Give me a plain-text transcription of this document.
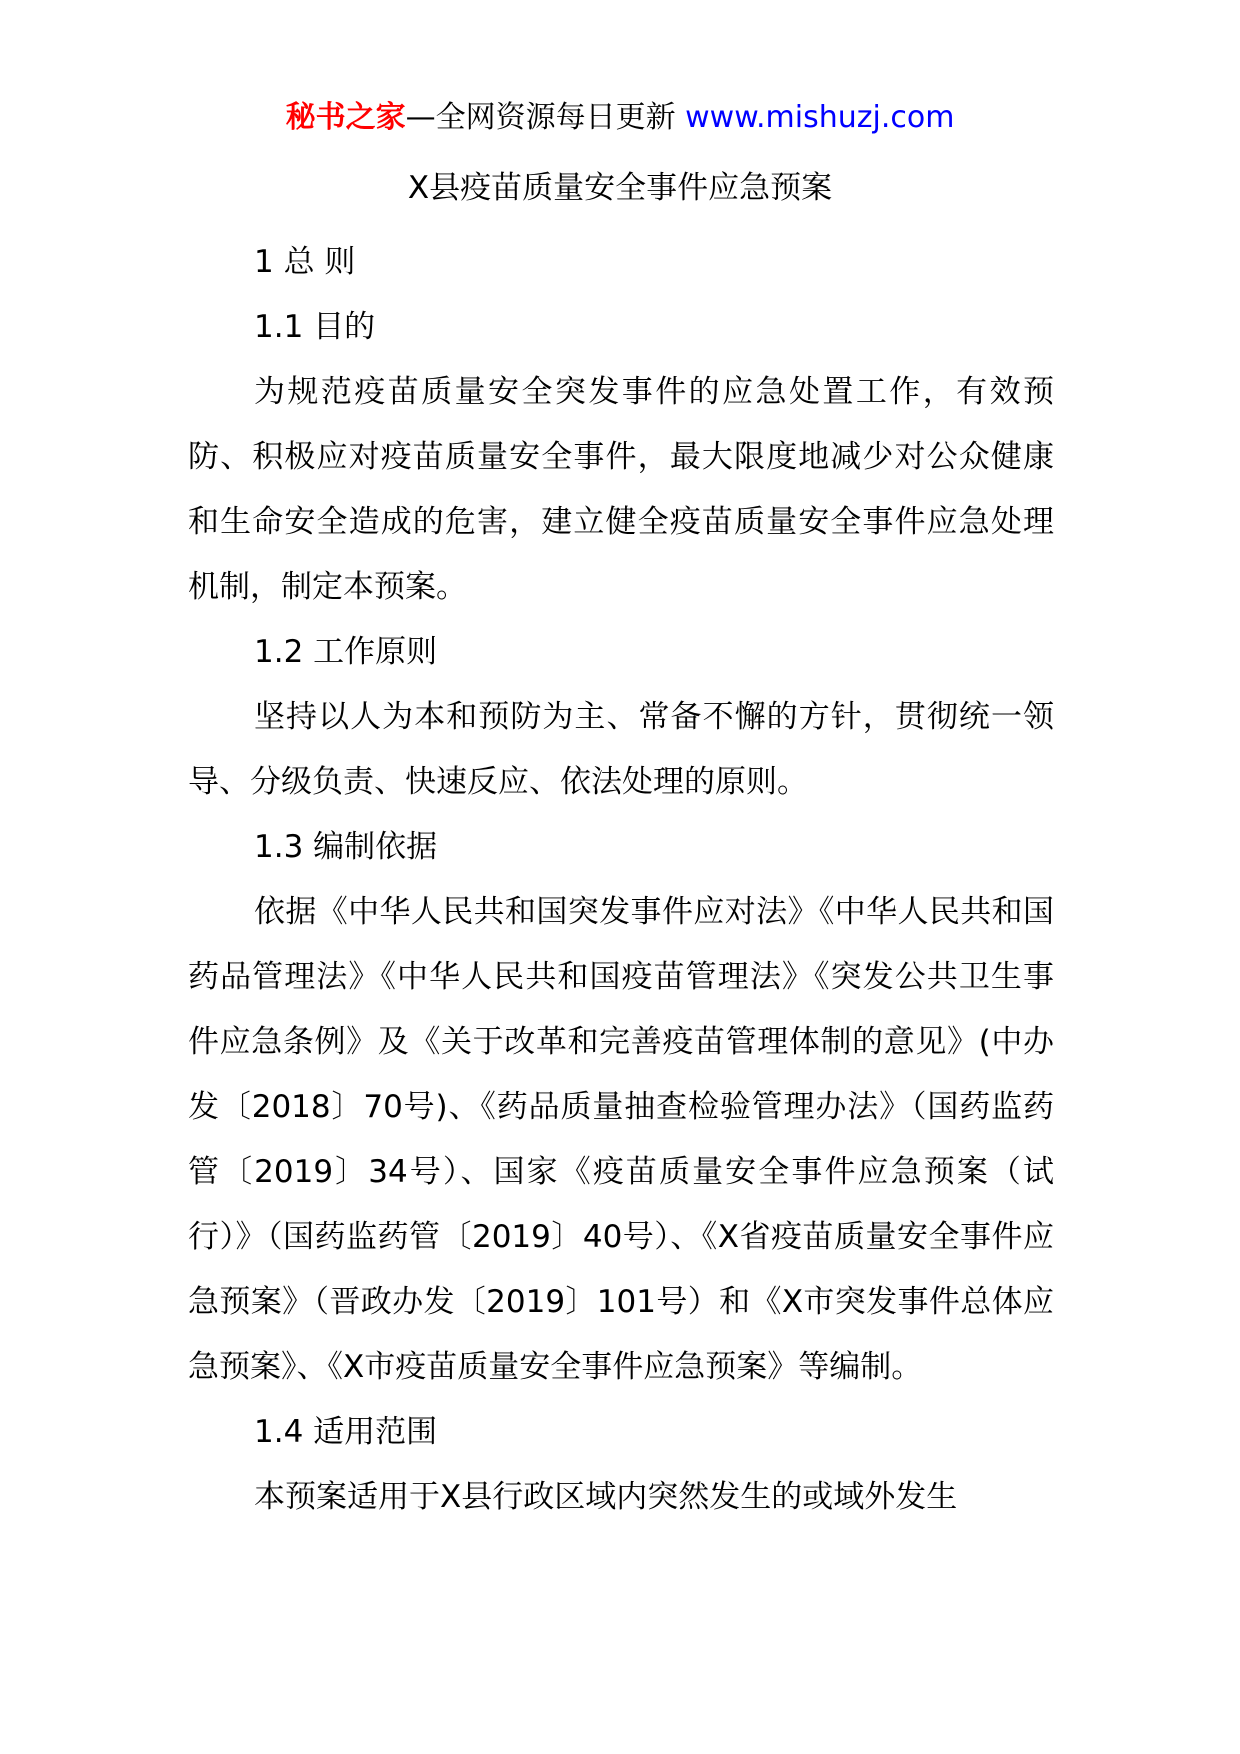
秘书之家—全网资源每日更新 www.mishuzj.com
X县疫苗质量安全事件应急预案

1 总 则

1.1 目的

为规范疫苗质量安全突发事件的应急处置工作，有效预防、积极应对疫苗质量安全事件，最大限度地减少对公众健康和生命安全造成的危害，建立健全疫苗质量安全事件应急处理机制，制定本预案。

1.2 工作原则

坚持以人为本和预防为主、常备不懈的方针，贯彻统一领导、分级负责、快速反应、依法处理的原则。

1.3 编制依据

依据《中华人民共和国突发事件应对法》《中华人民共和国药品管理法》《中华人民共和国疫苗管理法》《突发公共卫生事件应急条例》及《关于改革和完善疫苗管理体制的意见》(中办发〔2018〕70号)、《药品质量抽查检验管理办法》（国药监药管〔2019〕34号）、国家《疫苗质量安全事件应急预案（试行）》（国药监药管〔2019〕40号）、《X省疫苗质量安全事件应急预案》（晋政办发〔2019〕101号）和《X市突发事件总体应急预案》、《X市疫苗质量安全事件应急预案》等编制。

1.4 适用范围

本预案适用于X县行政区域内突然发生的或域外发生
